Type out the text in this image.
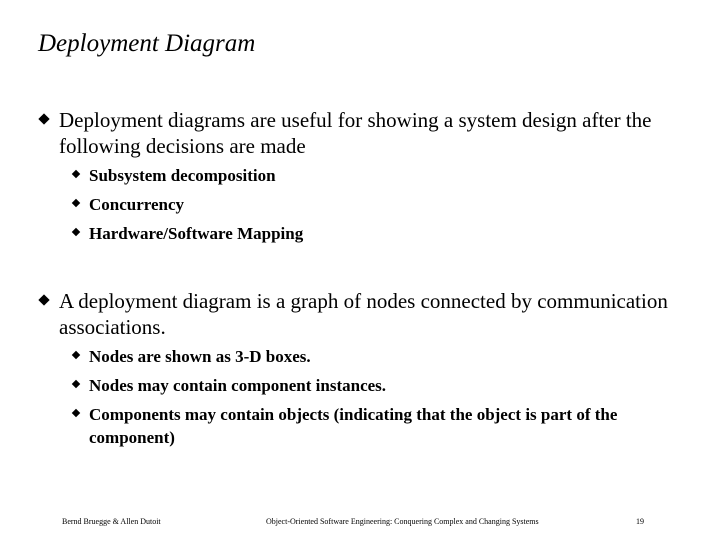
Deployment Diagram
Deployment diagrams are useful for showing a system design after the following decisions are made
Subsystem decomposition
Concurrency
Hardware/Software Mapping
A deployment diagram is a graph of nodes connected by communication associations.
Nodes are shown as 3-D boxes.
Nodes may contain component instances.
Components may contain objects (indicating that the object is part of the component)
Bernd Bruegge & Allen Dutoit	Object-Oriented Software Engineering: Conquering Complex and Changing Systems	19
